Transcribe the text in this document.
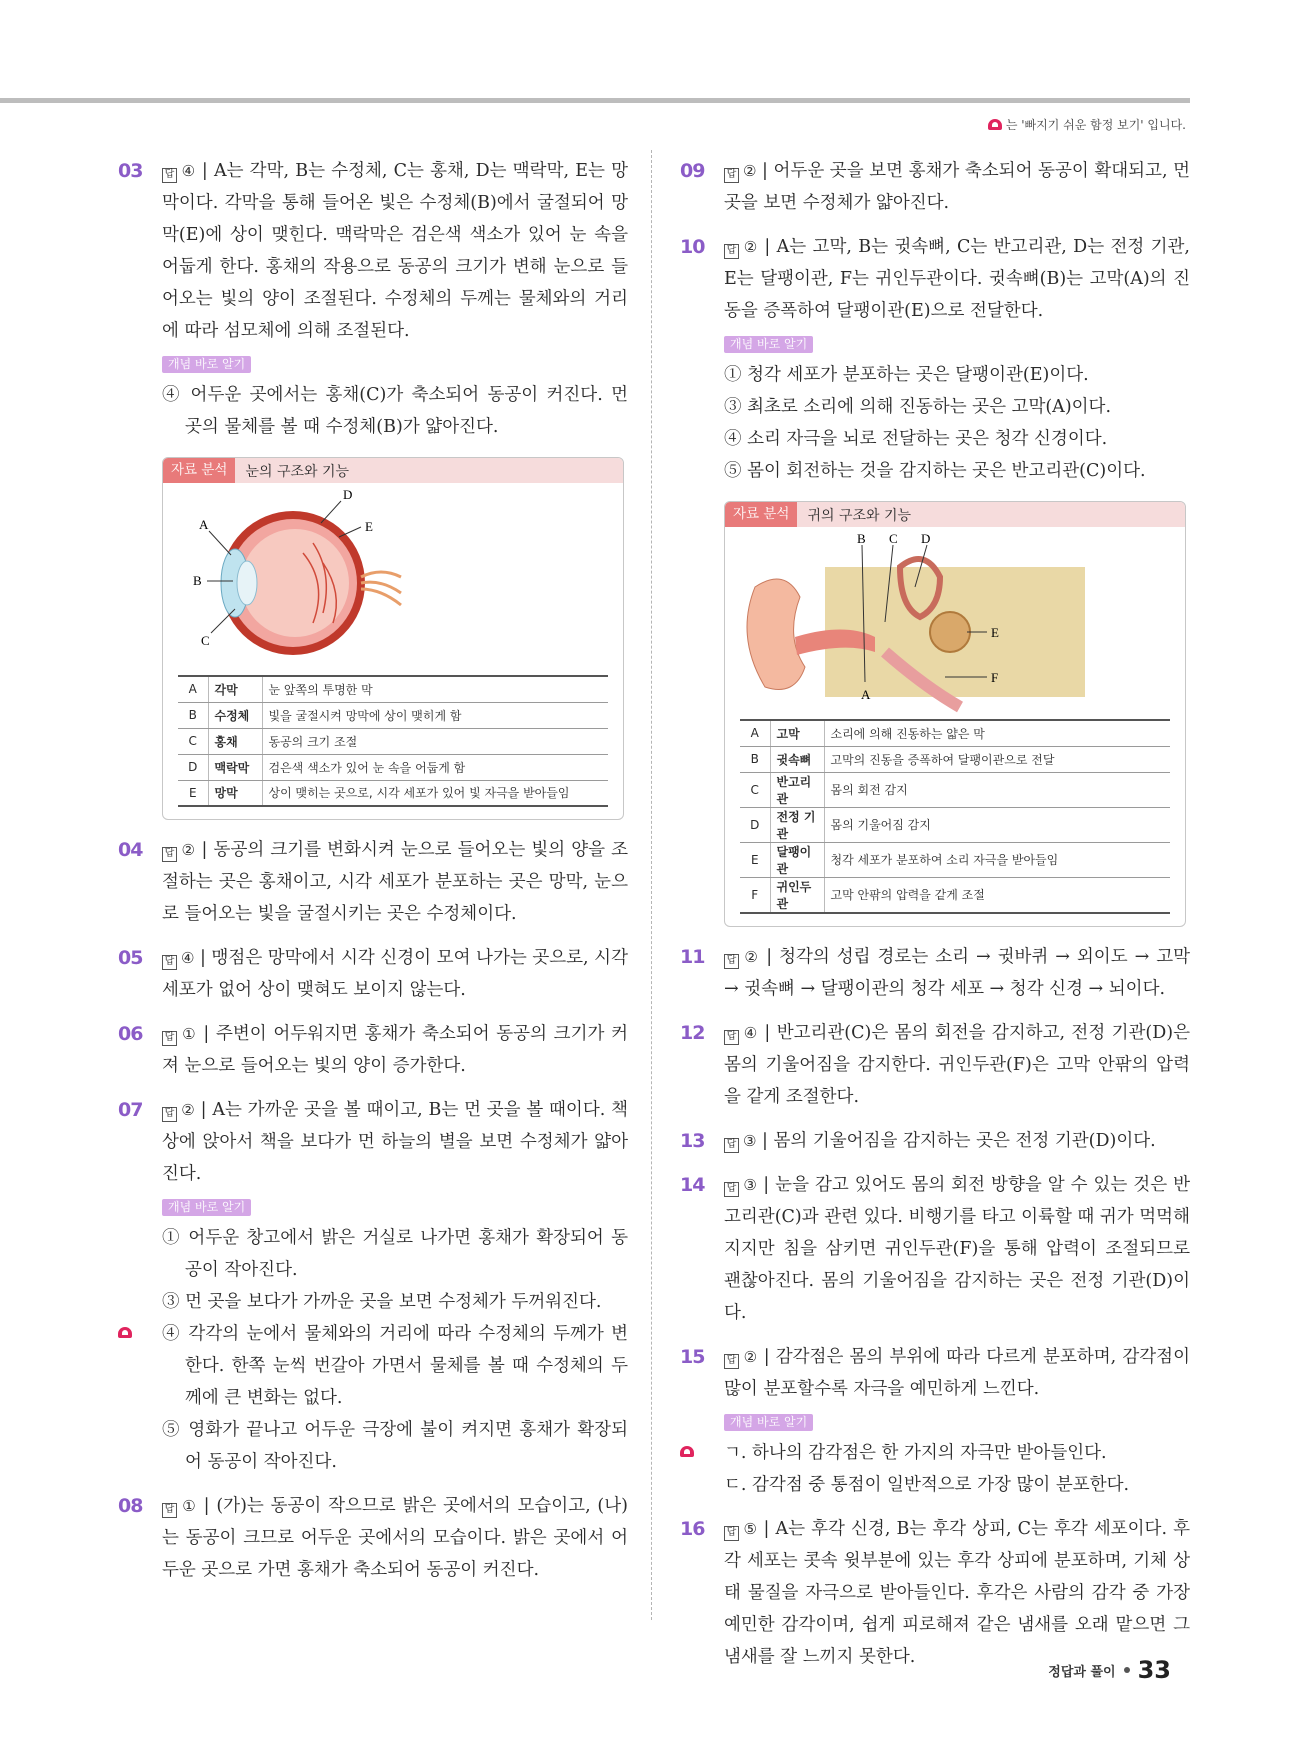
는 '빠지기 쉬운 함정 보기' 입니다.
03 답 ④ | A는 각막, B는 수정체, C는 홍채, D는 맥락막, E는 망막이다. 각막을 통해 들어온 빛은 수정체(B)에서 굴절되어 망막(E)에 상이 맺힌다. 맥락막은 검은색 색소가 있어 눈 속을 어둡게 한다. 홍채의 작용으로 동공의 크기가 변해 눈으로 들어오는 빛의 양이 조절된다. 수정체의 두께는 물체와의 거리에 따라 섬모체에 의해 조절된다.
개념 바로 알기
④ 어두운 곳에서는 홍채(C)가 축소되어 동공이 커진다. 먼 곳의 물체를 볼 때 수정체(B)가 얇아진다.
자료 분석	눈의 구조와 기능
A
B
C
D
E
A	각막	눈 앞쪽의 투명한 막
B	수정체	빛을 굴절시켜 망막에 상이 맺히게 함
C	홍채	동공의 크기 조절
D	맥락막	검은색 색소가 있어 눈 속을 어둡게 함
E	망막	상이 맺히는 곳으로, 시각 세포가 있어 빛 자극을 받아들임
04 답 ② | 동공의 크기를 변화시켜 눈으로 들어오는 빛의 양을 조절하는 곳은 홍채이고, 시각 세포가 분포하는 곳은 망막, 눈으로 들어오는 빛을 굴절시키는 곳은 수정체이다.
05 답 ④ | 맹점은 망막에서 시각 신경이 모여 나가는 곳으로, 시각 세포가 없어 상이 맺혀도 보이지 않는다.
06 답 ① | 주변이 어두워지면 홍채가 축소되어 동공의 크기가 커져 눈으로 들어오는 빛의 양이 증가한다.
07 답 ② | A는 가까운 곳을 볼 때이고, B는 먼 곳을 볼 때이다. 책상에 앉아서 책을 보다가 먼 하늘의 별을 보면 수정체가 얇아진다.
개념 바로 알기
① 어두운 창고에서 밝은 거실로 나가면 홍채가 확장되어 동공이 작아진다.
③ 먼 곳을 보다가 가까운 곳을 보면 수정체가 두꺼워진다.
④ 각각의 눈에서 물체와의 거리에 따라 수정체의 두께가 변한다. 한쪽 눈씩 번갈아 가면서 물체를 볼 때 수정체의 두께에 큰 변화는 없다.
⑤ 영화가 끝나고 어두운 극장에 불이 켜지면 홍채가 확장되어 동공이 작아진다.
08 답 ① | (가)는 동공이 작으므로 밝은 곳에서의 모습이고, (나)는 동공이 크므로 어두운 곳에서의 모습이다. 밝은 곳에서 어두운 곳으로 가면 홍채가 축소되어 동공이 커진다.
09 답 ② | 어두운 곳을 보면 홍채가 축소되어 동공이 확대되고, 먼 곳을 보면 수정체가 얇아진다.
10 답 ② | A는 고막, B는 귓속뼈, C는 반고리관, D는 전정 기관, E는 달팽이관, F는 귀인두관이다. 귓속뼈(B)는 고막(A)의 진동을 증폭하여 달팽이관(E)으로 전달한다.
개념 바로 알기
① 청각 세포가 분포하는 곳은 달팽이관(E)이다.
③ 최초로 소리에 의해 진동하는 곳은 고막(A)이다.
④ 소리 자극을 뇌로 전달하는 곳은 청각 신경이다.
⑤ 몸이 회전하는 것을 감지하는 곳은 반고리관(C)이다.
자료 분석	귀의 구조와 기능
B C D
E
F
A
A	고막	소리에 의해 진동하는 얇은 막
B	귓속뼈	고막의 진동을 증폭하여 달팽이관으로 전달
C	반고리관	몸의 회전 감지
D	전정 기관	몸의 기울어짐 감지
E	달팽이관	청각 세포가 분포하여 소리 자극을 받아들임
F	귀인두관	고막 안팎의 압력을 같게 조절
11 답 ② | 청각의 성립 경로는 소리 → 귓바퀴 → 외이도 → 고막 → 귓속뼈 → 달팽이관의 청각 세포 → 청각 신경 → 뇌이다.
12 답 ④ | 반고리관(C)은 몸의 회전을 감지하고, 전정 기관(D)은 몸의 기울어짐을 감지한다. 귀인두관(F)은 고막 안팎의 압력을 같게 조절한다.
13 답 ③ | 몸의 기울어짐을 감지하는 곳은 전정 기관(D)이다.
14 답 ③ | 눈을 감고 있어도 몸의 회전 방향을 알 수 있는 것은 반고리관(C)과 관련 있다. 비행기를 타고 이륙할 때 귀가 먹먹해지지만 침을 삼키면 귀인두관(F)을 통해 압력이 조절되므로 괜찮아진다. 몸의 기울어짐을 감지하는 곳은 전정 기관(D)이다.
15 답 ② | 감각점은 몸의 부위에 따라 다르게 분포하며, 감각점이 많이 분포할수록 자극을 예민하게 느낀다.
개념 바로 알기
ㄱ. 하나의 감각점은 한 가지의 자극만 받아들인다.
ㄷ. 감각점 중 통점이 일반적으로 가장 많이 분포한다.
16 답 ⑤ | A는 후각 신경, B는 후각 상피, C는 후각 세포이다. 후각 세포는 콧속 윗부분에 있는 후각 상피에 분포하며, 기체 상태 물질을 자극으로 받아들인다. 후각은 사람의 감각 중 가장 예민한 감각이며, 쉽게 피로해져 같은 냄새를 오래 맡으면 그 냄새를 잘 느끼지 못한다.
정답과 풀이 33
